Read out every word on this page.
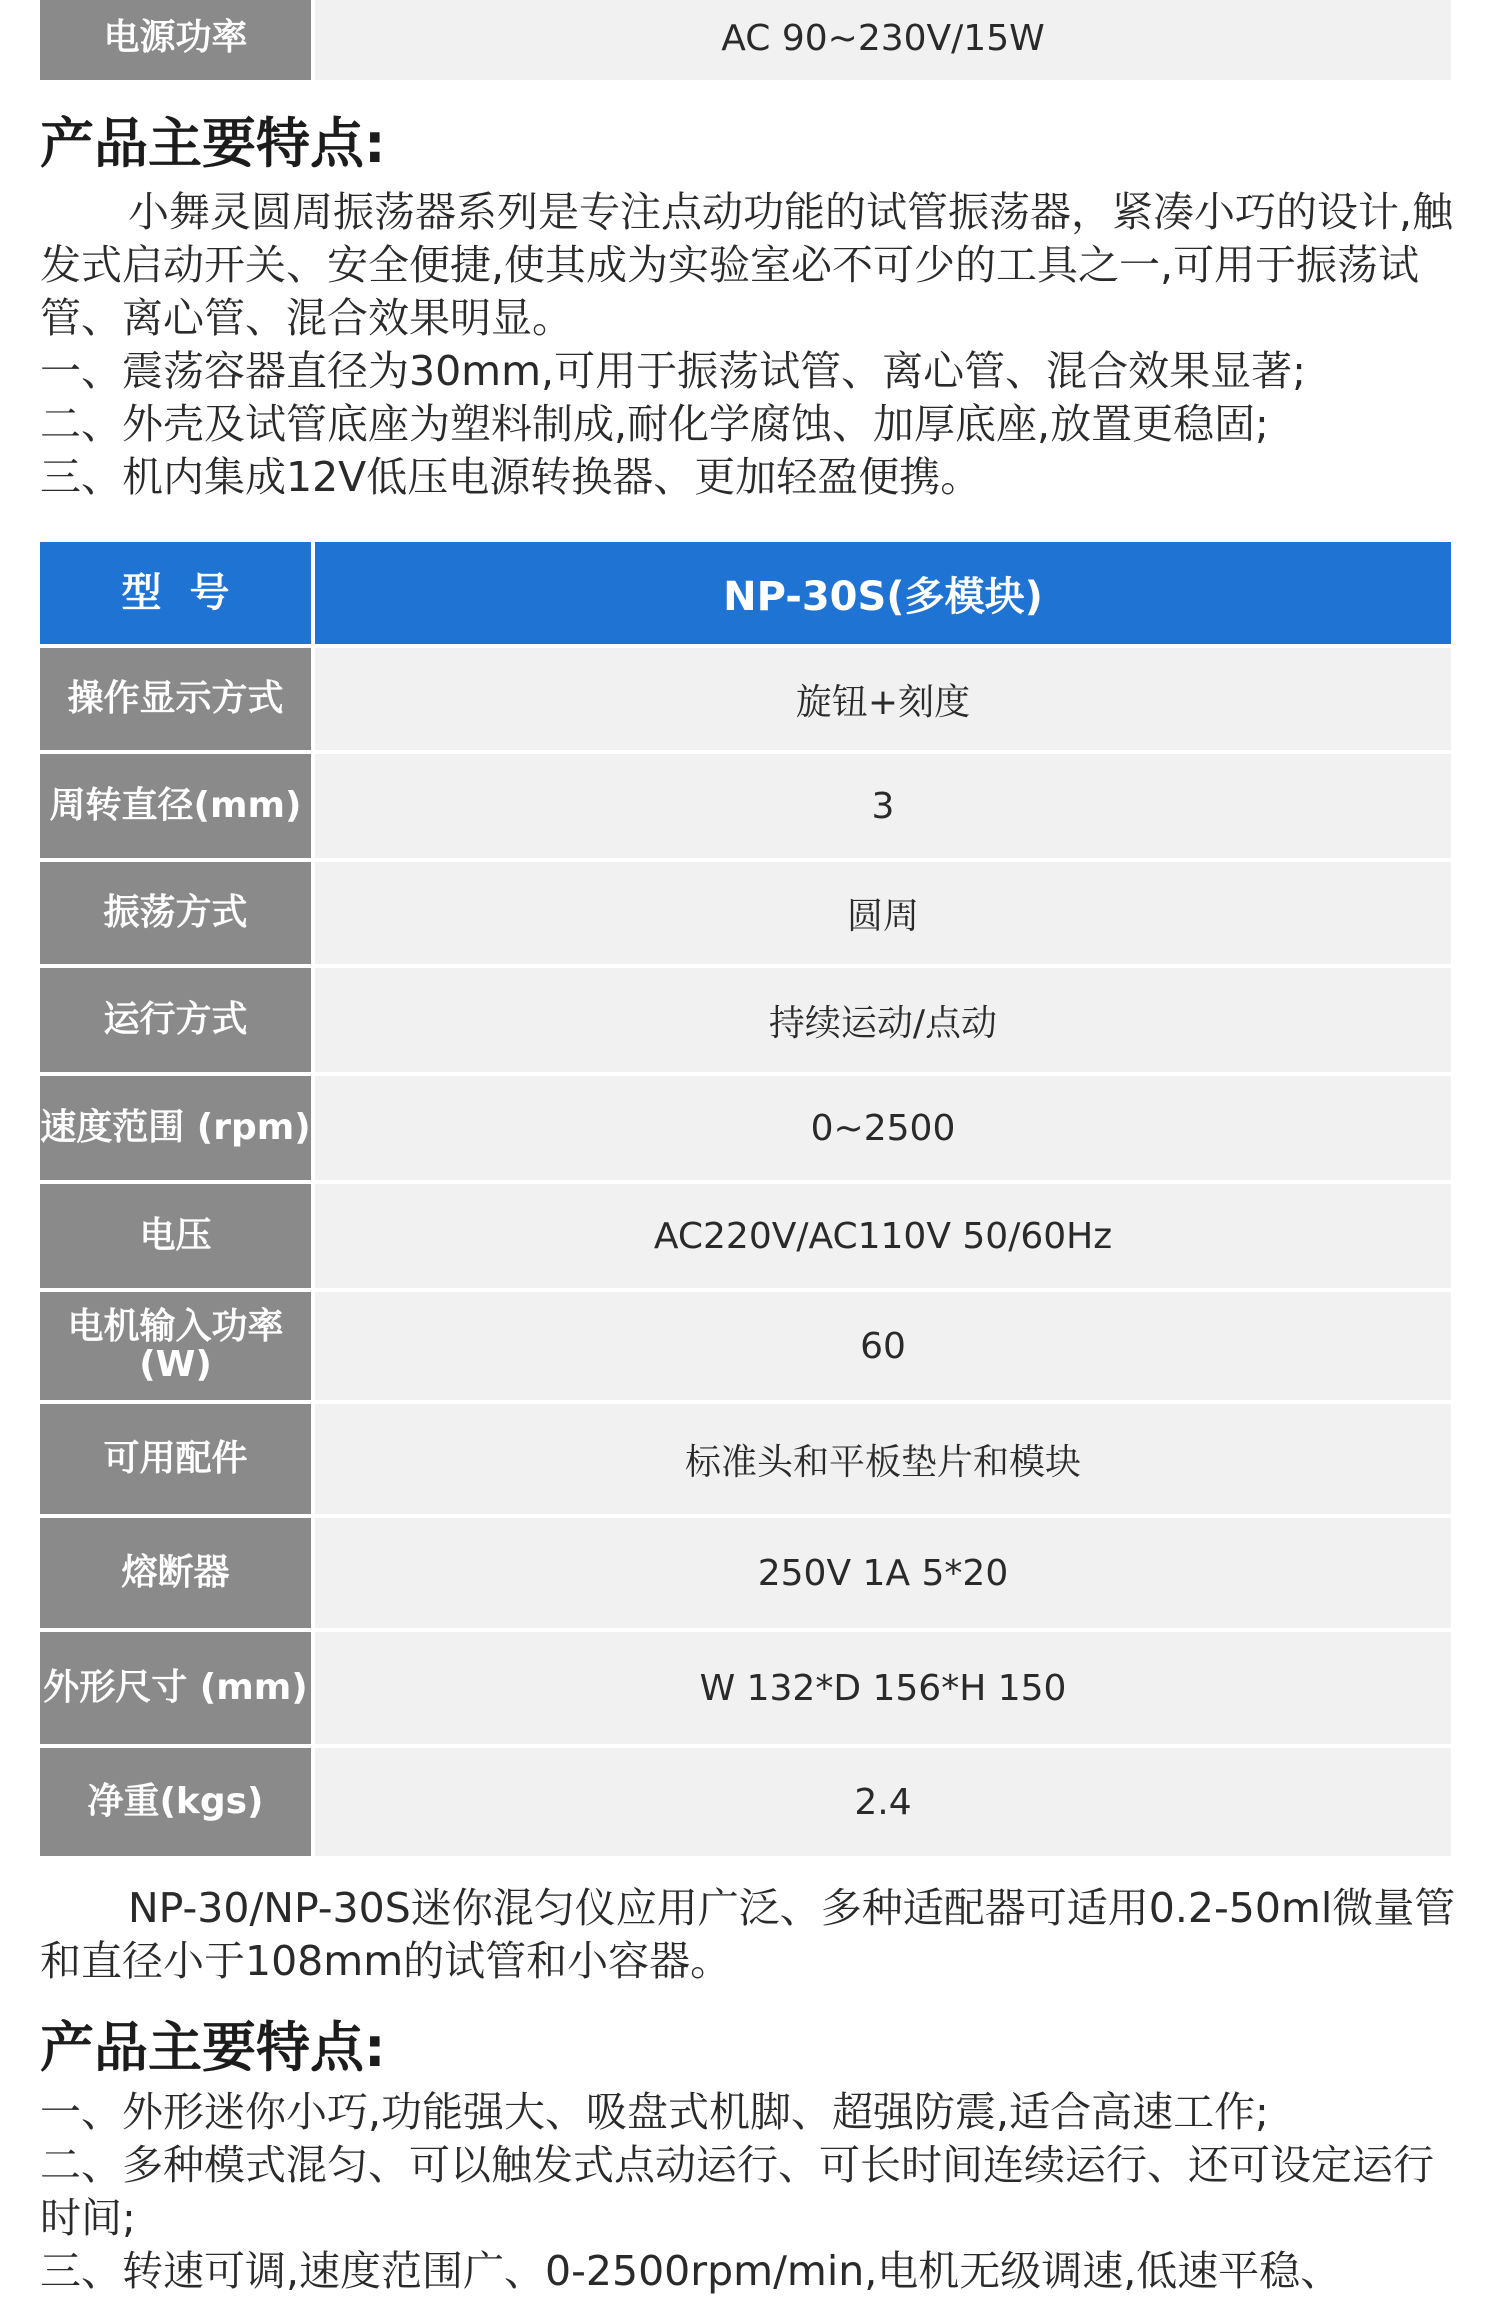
电源功率	AC 90~230V/15W
产品主要特点:

小舞灵圆周振荡器系列是专注点动功能的试管振荡器，紧凑小巧的设计,触发式启动开关、安全便捷,使其成为实验室必不可少的工具之一,可用于振荡试管、离心管、混合效果明显。

一、震荡容器直径为30mm,可用于振荡试管、离心管、混合效果显著;

二、外壳及试管底座为塑料制成,耐化学腐蚀、加厚底座,放置更稳固;

三、机内集成12V低压电源转换器、更加轻盈便携。

型号	NP-30S(多模块)
操作显示方式	旋钮+刻度
周转直径(mm)	3
振荡方式	圆周
运行方式	持续运动/点动
速度范围 (rpm)	0~2500
电压	AC220V/AC110V 50/60Hz
电机输入功率 (W)	60
可用配件	标准头和平板垫片和模块
熔断器	250V 1A 5*20
外形尺寸 (mm)	W 132*D 156*H 150
净重(kgs)	2.4

NP-30/NP-30S迷你混匀仪应用广泛、多种适配器可适用0.2-50ml微量管和直径小于108mm的试管和小容器。

产品主要特点:

一、外形迷你小巧,功能强大、吸盘式机脚、超强防震,适合高速工作;

二、多种模式混匀、可以触发式点动运行、可长时间连续运行、还可设定运行时间;

三、转速可调,速度范围广、0-2500rpm/min,电机无级调速,低速平稳、
